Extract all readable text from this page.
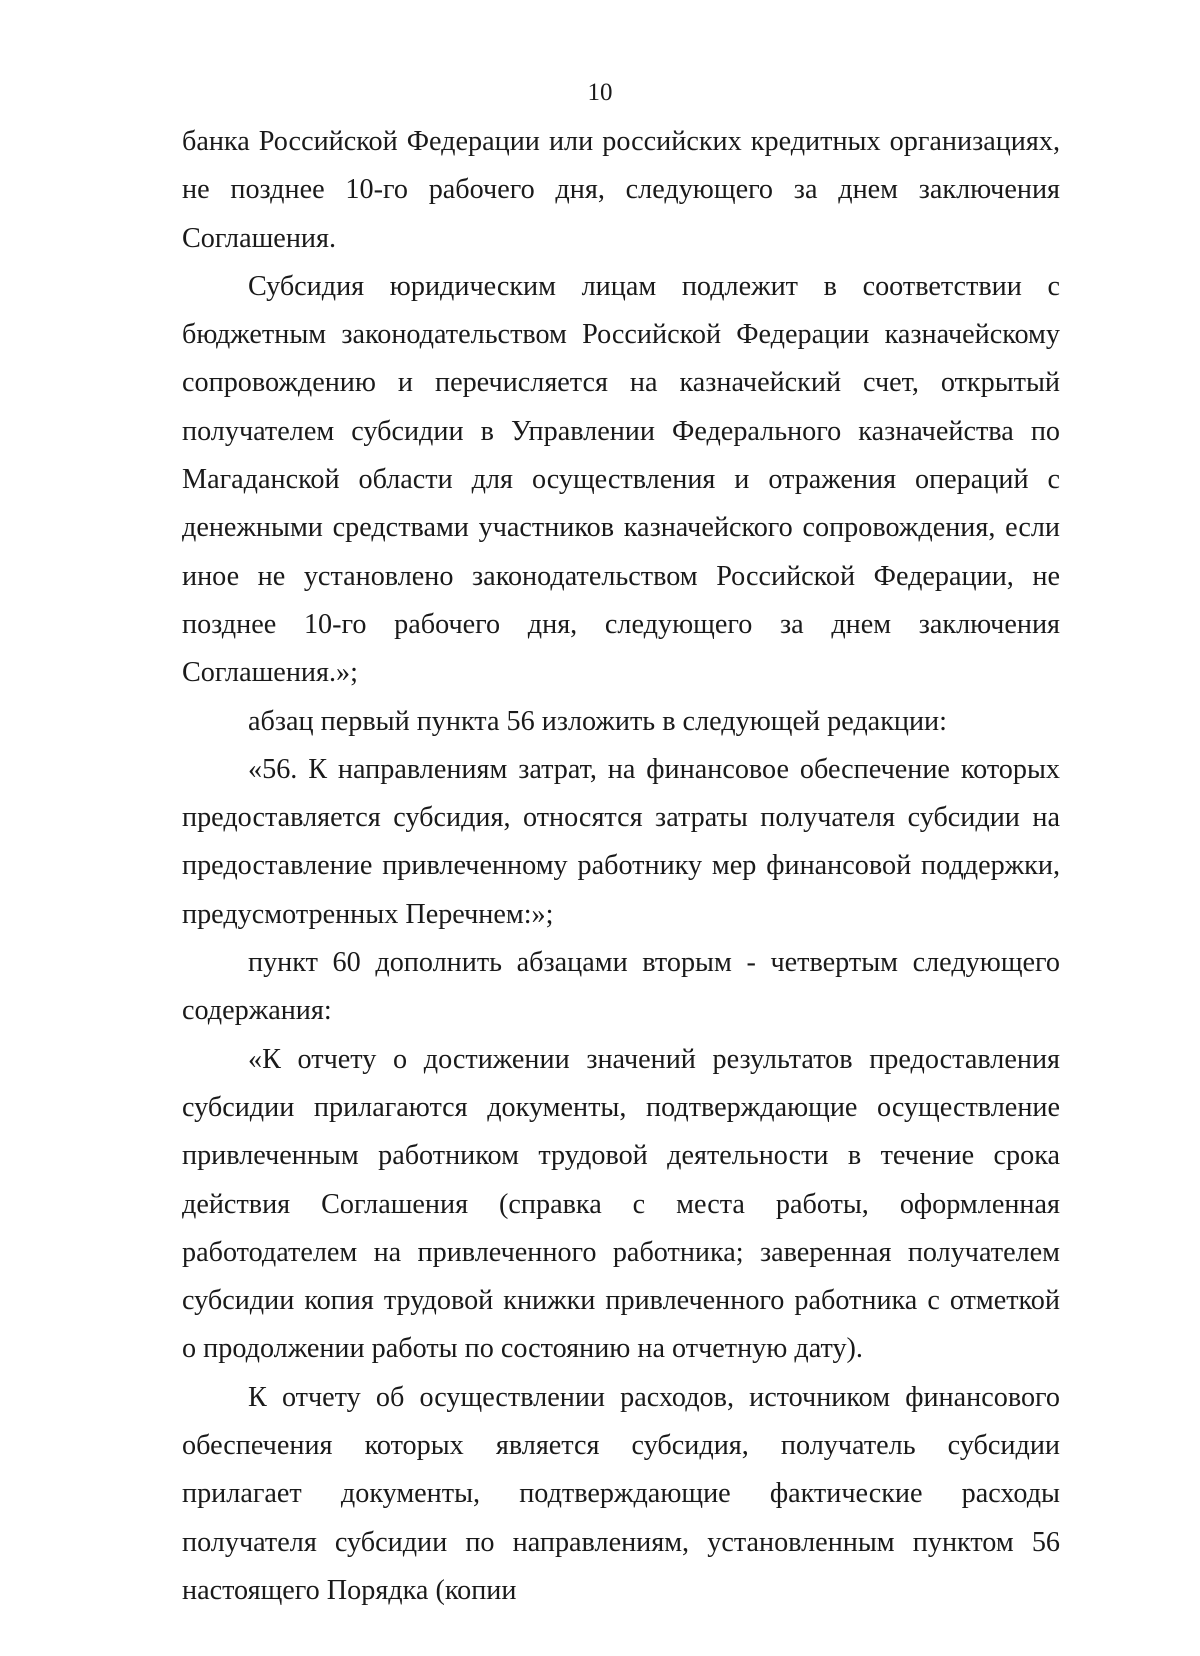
10

банка Российской Федерации или российских кредитных организациях, не позднее 10-го рабочего дня, следующего за днем заключения Соглашения.

Субсидия юридическим лицам подлежит в соответствии с бюджетным законодательством Российской Федерации казначейскому сопровождению и перечисляется на казначейский счет, открытый получателем субсидии в Управлении Федерального казначейства по Магаданской области для осуществления и отражения операций с денежными средствами участников казначейского сопровождения, если иное не установлено законодательством Российской Федерации, не позднее 10-го рабочего дня, следующего за днем заключения Соглашения.»;

абзац первый пункта 56 изложить в следующей редакции:

«56. К направлениям затрат, на финансовое обеспечение которых предоставляется субсидия, относятся затраты получателя субсидии на предоставление привлеченному работнику мер финансовой поддержки, предусмотренных Перечнем:»;

пункт 60 дополнить абзацами вторым - четвертым следующего содержания:

«К отчету о достижении значений результатов предоставления субсидии прилагаются документы, подтверждающие осуществление привлеченным работником трудовой деятельности в течение срока действия Соглашения (справка с места работы, оформленная работодателем на привлеченного работника; заверенная получателем субсидии копия трудовой книжки привлеченного работника с отметкой о продолжении работы по состоянию на отчетную дату).

К отчету об осуществлении расходов, источником финансового обеспечения которых является субсидия, получатель субсидии прилагает документы, подтверждающие фактические расходы получателя субсидии по направлениям, установленным пунктом 56 настоящего Порядка (копии
